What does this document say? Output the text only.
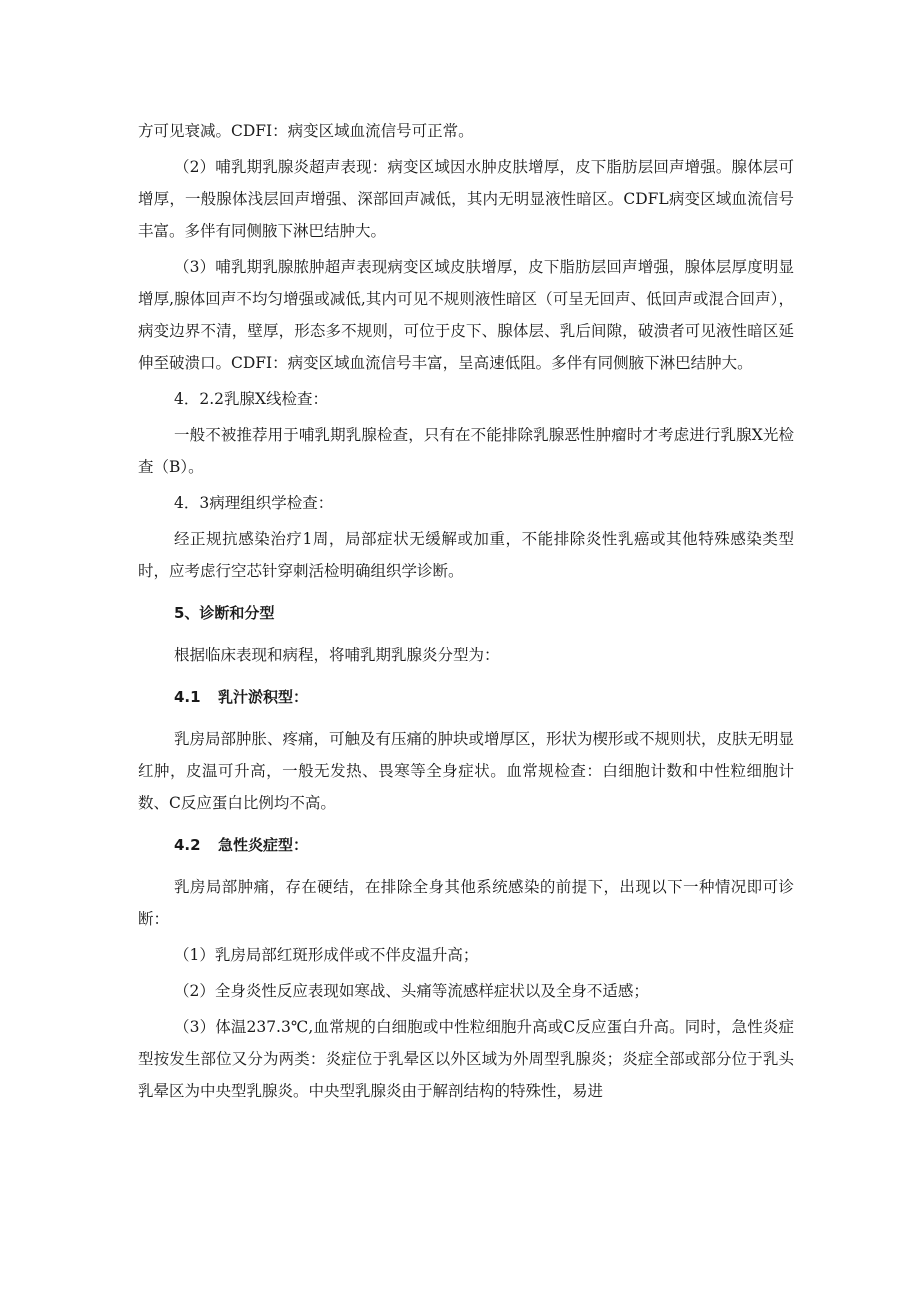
方可见衰减。CDFI：病变区域血流信号可正常。

（2）哺乳期乳腺炎超声表现：病变区域因水肿皮肤增厚，皮下脂肪层回声增强。腺体层可增厚，一般腺体浅层回声增强、深部回声减低，其内无明显液性暗区。CDFL病变区域血流信号丰富。多伴有同侧腋下淋巴结肿大。

（3）哺乳期乳腺脓肿超声表现病变区域皮肤增厚，皮下脂肪层回声增强，腺体层厚度明显增厚,腺体回声不均匀增强或减低,其内可见不规则液性暗区（可呈无回声、低回声或混合回声），病变边界不清，壁厚，形态多不规则，可位于皮下、腺体层、乳后间隙，破溃者可见液性暗区延伸至破溃口。CDFI：病变区域血流信号丰富，呈高速低阻。多伴有同侧腋下淋巴结肿大。

4．2.2乳腺X线检查：

一般不被推荐用于哺乳期乳腺检查，只有在不能排除乳腺恶性肿瘤时才考虑进行乳腺X光检查（B）。

4．3病理组织学检查：

经正规抗感染治疗1周，局部症状无缓解或加重，不能排除炎性乳癌或其他特殊感染类型时，应考虑行空芯针穿刺活检明确组织学诊断。

5、诊断和分型

根据临床表现和病程，将哺乳期乳腺炎分型为：

4.1 乳汁淤积型：

乳房局部肿胀、疼痛，可触及有压痛的肿块或增厚区，形状为楔形或不规则状，皮肤无明显红肿，皮温可升高，一般无发热、畏寒等全身症状。血常规检查：白细胞计数和中性粒细胞计数、C反应蛋白比例均不高。

4.2 急性炎症型：

乳房局部肿痛，存在硬结，在排除全身其他系统感染的前提下，出现以下一种情况即可诊断：

（1）乳房局部红斑形成伴或不伴皮温升高；

（2）全身炎性反应表现如寒战、头痛等流感样症状以及全身不适感；

（3）体温237.3℃,血常规的白细胞或中性粒细胞升高或C反应蛋白升高。同时，急性炎症型按发生部位又分为两类：炎症位于乳晕区以外区域为外周型乳腺炎；炎症全部或部分位于乳头乳晕区为中央型乳腺炎。中央型乳腺炎由于解剖结构的特殊性，易进
